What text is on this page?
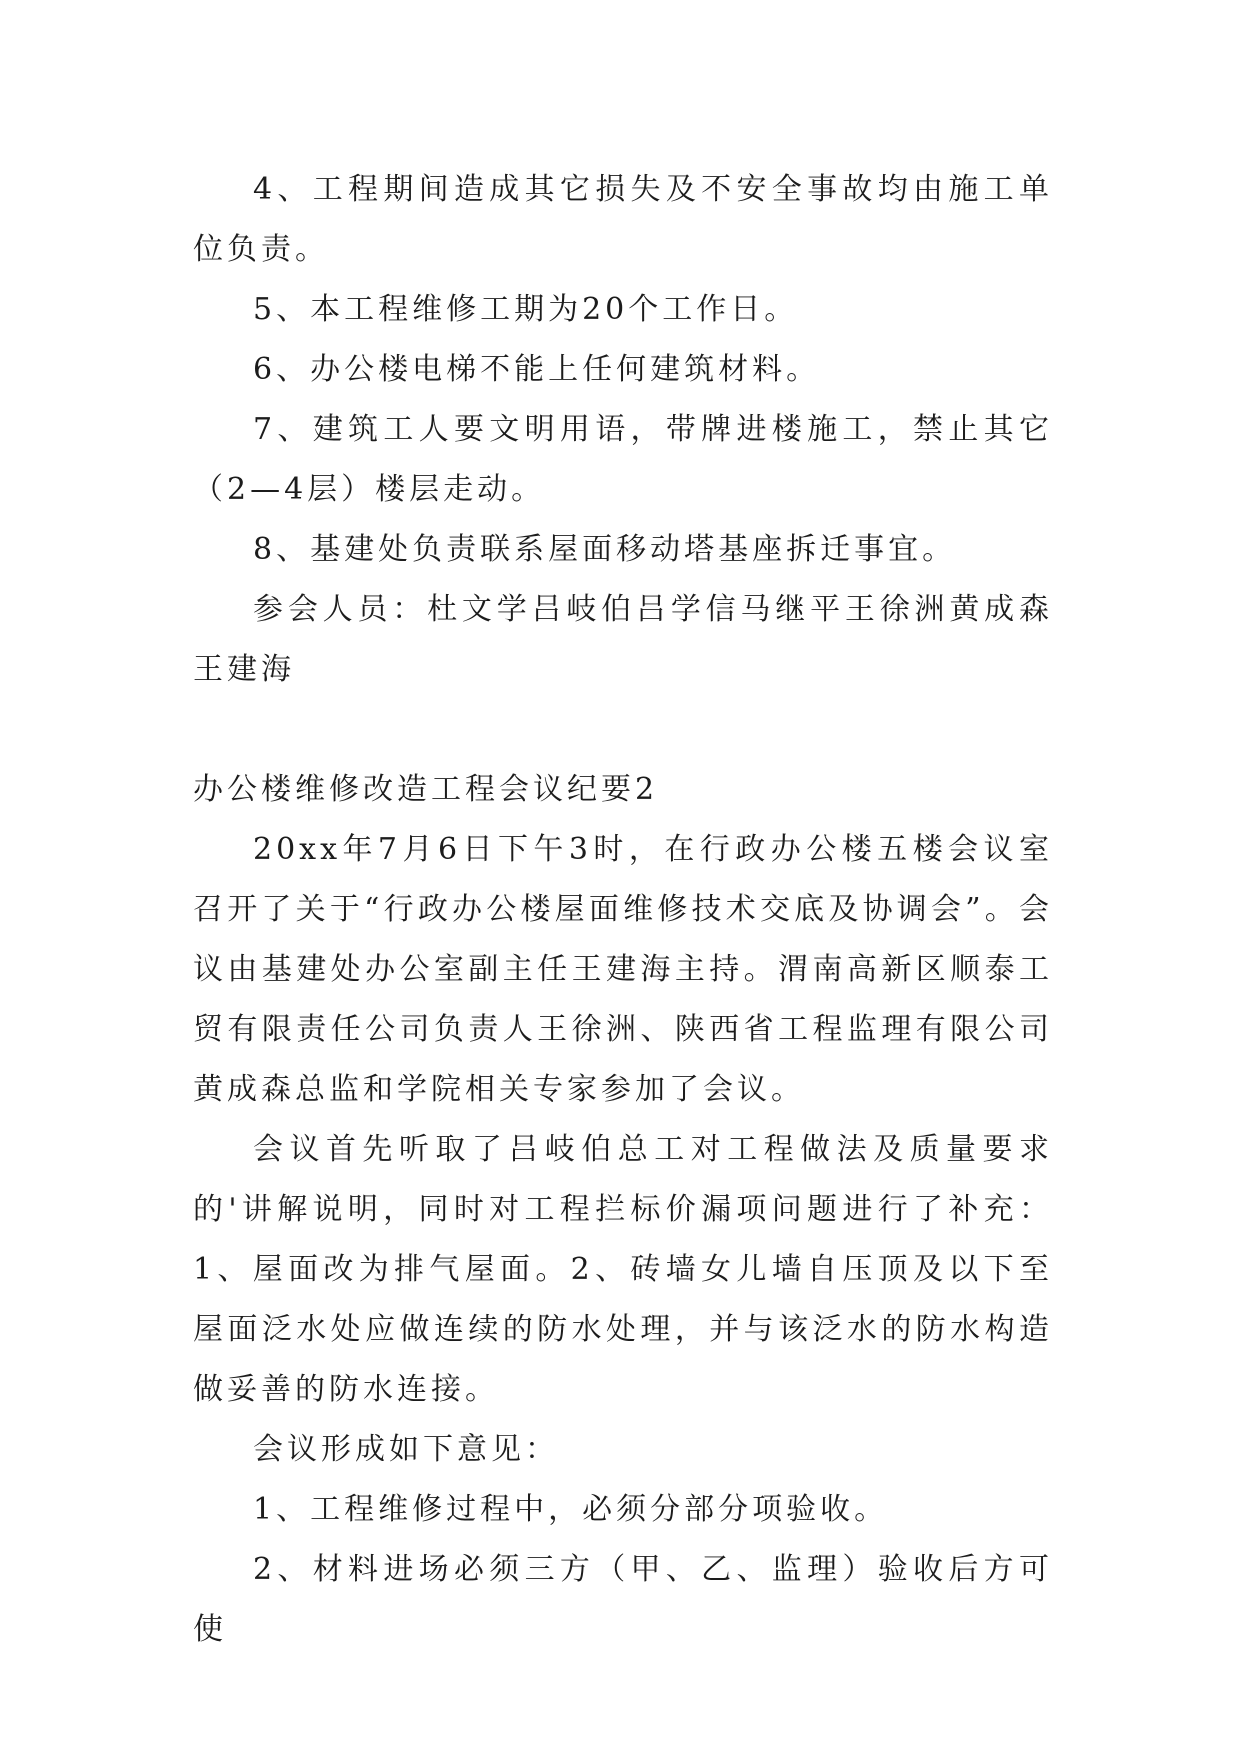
4、工程期间造成其它损失及不安全事故均由施工单位负责。

5、本工程维修工期为20个工作日。

6、办公楼电梯不能上任何建筑材料。

7、建筑工人要文明用语，带牌进楼施工，禁止其它（2—4层）楼层走动。

8、基建处负责联系屋面移动塔基座拆迁事宜。

参会人员：杜文学吕岐伯吕学信马继平王徐洲黄成森王建海

办公楼维修改造工程会议纪要2

20xx年7月6日下午3时，在行政办公楼五楼会议室召开了关于“行政办公楼屋面维修技术交底及协调会”。会议由基建处办公室副主任王建海主持。渭南高新区顺泰工贸有限责任公司负责人王徐洲、陕西省工程监理有限公司黄成森总监和学院相关专家参加了会议。

会议首先听取了吕岐伯总工对工程做法及质量要求的'讲解说明，同时对工程拦标价漏项问题进行了补充：1、屋面改为排气屋面。2、砖墙女儿墙自压顶及以下至屋面泛水处应做连续的防水处理，并与该泛水的防水构造做妥善的防水连接。

会议形成如下意见：

1、工程维修过程中，必须分部分项验收。

2、材料进场必须三方（甲、乙、监理）验收后方可使
